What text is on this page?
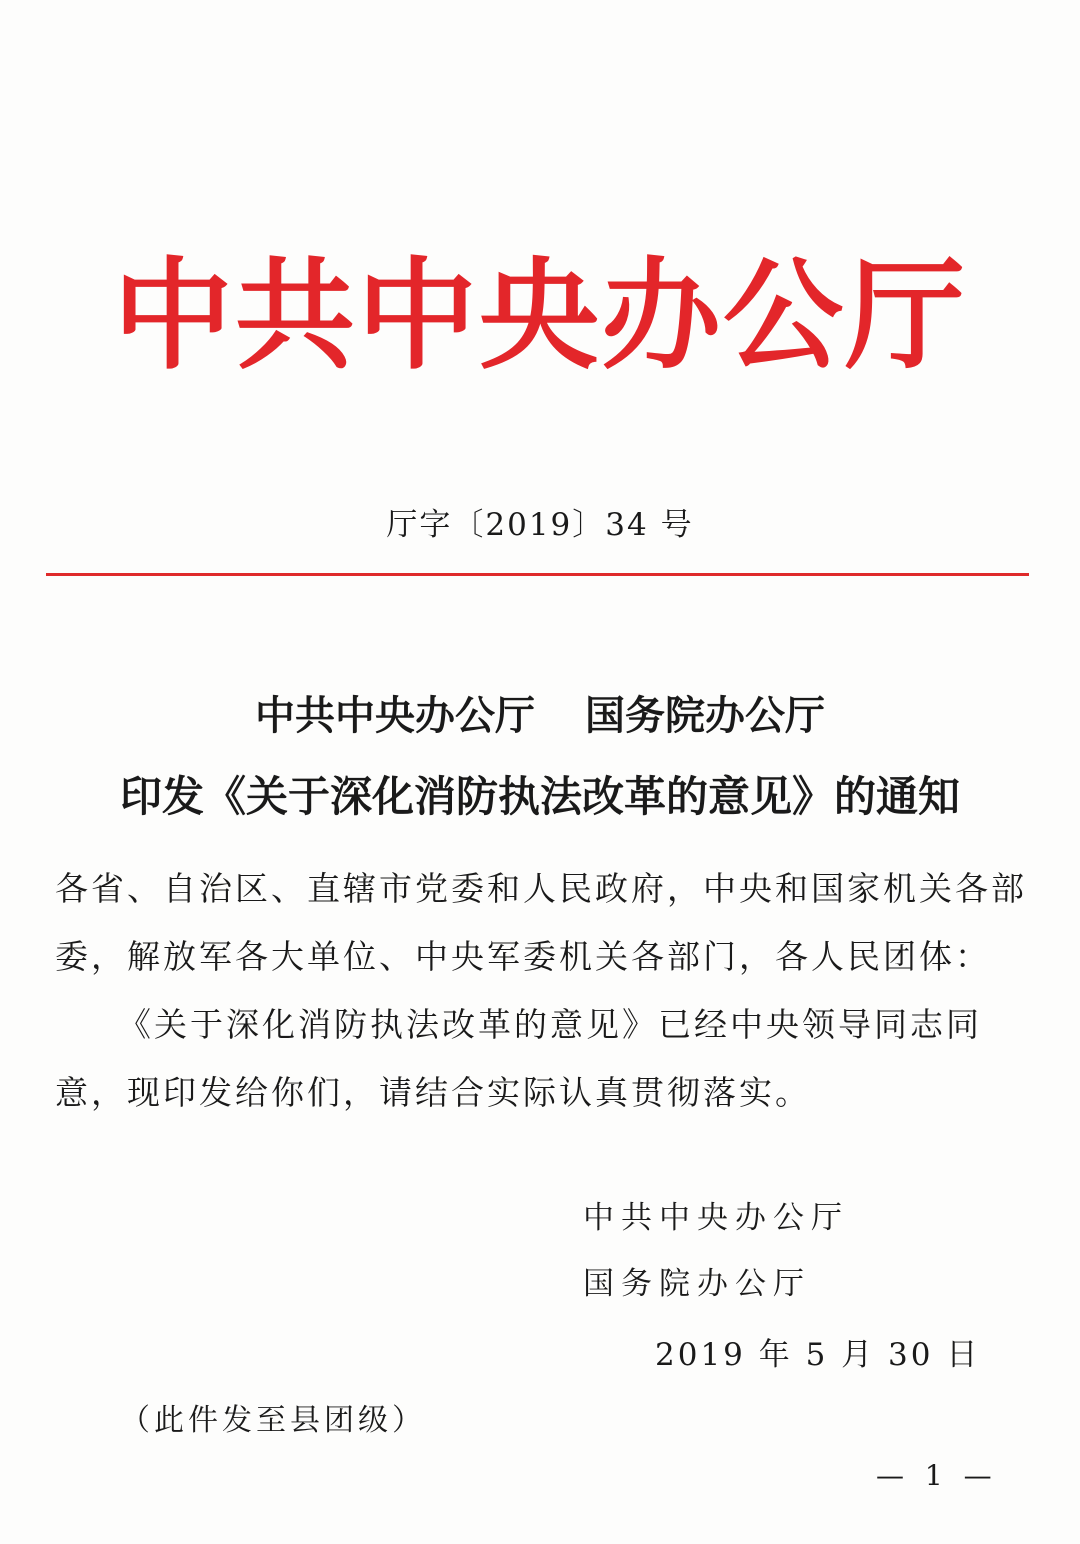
中共中央办公厅
厅字〔2019〕34 号
中共中央办公厅 国务院办公厅
印发《关于深化消防执法改革的意见》的通知
各省、自治区、直辖市党委和人民政府，中央和国家机关各部
委，解放军各大单位、中央军委机关各部门，各人民团体：
《关于深化消防执法改革的意见》已经中央领导同志同
意，现印发给你们，请结合实际认真贯彻落实。
中共中央办公厅
国务院办公厅
2019 年 5 月 30 日
（此件发至县团级）
— 1 —
